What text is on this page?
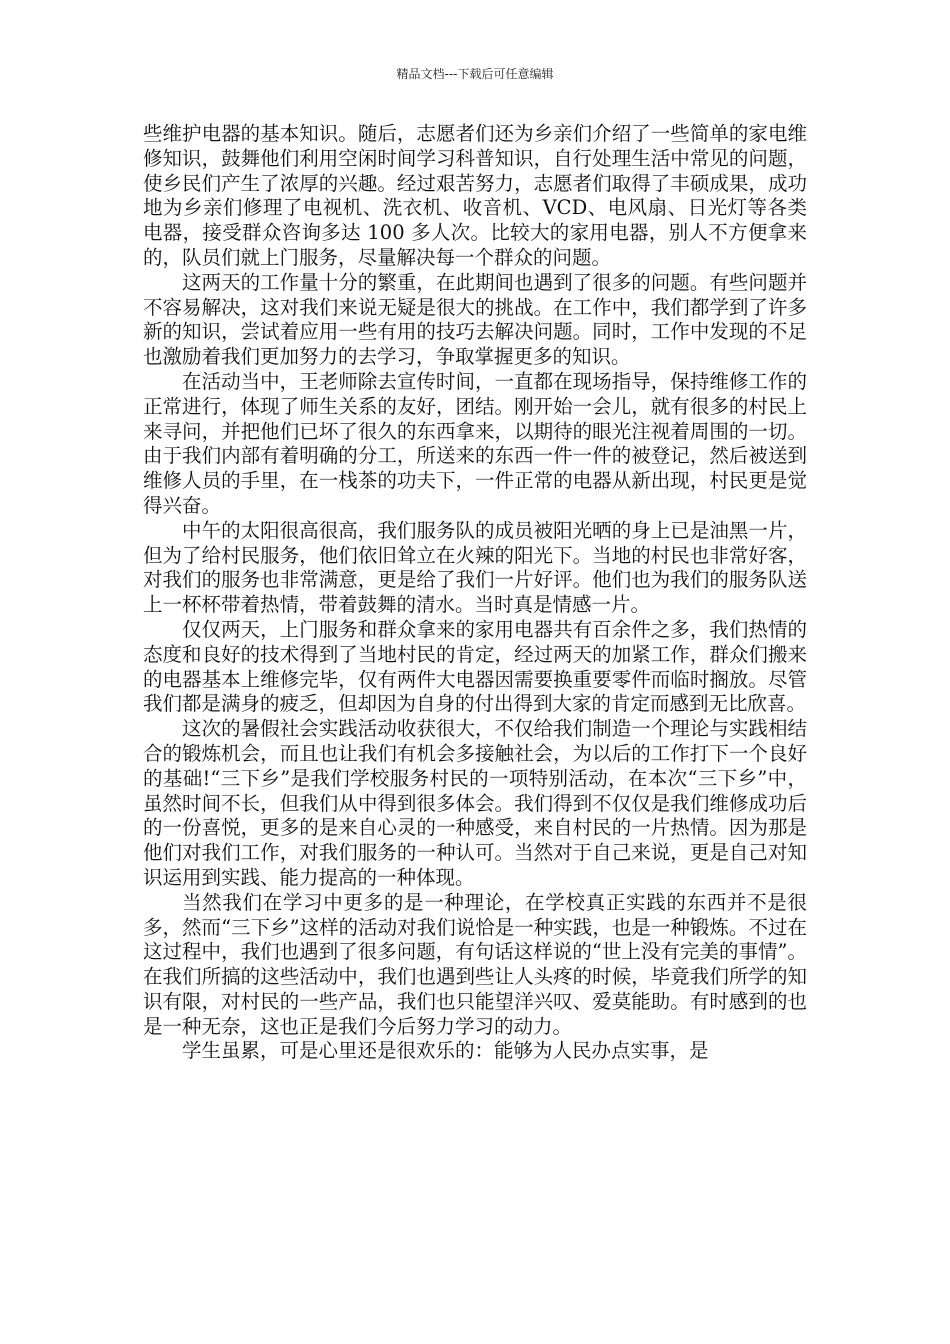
精品文档---下载后可任意编辑

些维护电器的基本知识。随后，志愿者们还为乡亲们介绍了一些简单的家电维修知识，鼓舞他们利用空闲时间学习科普知识，自行处理生活中常见的问题，使乡民们产生了浓厚的兴趣。经过艰苦努力，志愿者们取得了丰硕成果，成功地为乡亲们修理了电视机、洗衣机、收音机、VCD、电风扇、日光灯等各类电器，接受群众咨询多达 100 多人次。比较大的家用电器，别人不方便拿来的，队员们就上门服务，尽量解决每一个群众的问题。

这两天的工作量十分的繁重，在此期间也遇到了很多的问题。有些问题并不容易解决，这对我们来说无疑是很大的挑战。在工作中，我们都学到了许多新的知识，尝试着应用一些有用的技巧去解决问题。同时，工作中发现的不足也激励着我们更加努力的去学习，争取掌握更多的知识。

在活动当中，王老师除去宣传时间，一直都在现场指导，保持维修工作的正常进行，体现了师生关系的友好，团结。刚开始一会儿，就有很多的村民上来寻问，并把他们已坏了很久的东西拿来，以期待的眼光注视着周围的一切。由于我们内部有着明确的分工，所送来的东西一件一件的被登记，然后被送到维修人员的手里，在一栈茶的功夫下，一件正常的电器从新出现，村民更是觉得兴奋。

中午的太阳很高很高，我们服务队的成员被阳光晒的身上已是油黑一片，但为了给村民服务，他们依旧耸立在火辣的阳光下。当地的村民也非常好客，对我们的服务也非常满意，更是给了我们一片好评。他们也为我们的服务队送上一杯杯带着热情，带着鼓舞的清水。当时真是情感一片。

仅仅两天，上门服务和群众拿来的家用电器共有百余件之多，我们热情的态度和良好的技术得到了当地村民的肯定，经过两天的加紧工作，群众们搬来的电器基本上维修完毕，仅有两件大电器因需要换重要零件而临时搁放。尽管我们都是满身的疲乏，但却因为自身的付出得到大家的肯定而感到无比欣喜。

这次的暑假社会实践活动收获很大，不仅给我们制造一个理论与实践相结合的锻炼机会，而且也让我们有机会多接触社会，为以后的工作打下一个良好的基础!“三下乡”是我们学校服务村民的一项特别活动，在本次“三下乡”中，虽然时间不长，但我们从中得到很多体会。我们得到不仅仅是我们维修成功后的一份喜悦，更多的是来自心灵的一种感受，来自村民的一片热情。因为那是他们对我们工作，对我们服务的一种认可。当然对于自己来说，更是自己对知识运用到实践、能力提高的一种体现。

当然我们在学习中更多的是一种理论，在学校真正实践的东西并不是很多，然而“三下乡”这样的活动对我们说恰是一种实践，也是一种锻炼。不过在这过程中，我们也遇到了很多问题，有句话这样说的“世上没有完美的事情”。在我们所搞的这些活动中，我们也遇到些让人头疼的时候，毕竟我们所学的知识有限，对村民的一些产品，我们也只能望洋兴叹、爱莫能助。有时感到的也是一种无奈，这也正是我们今后努力学习的动力。

学生虽累，可是心里还是很欢乐的：能够为人民办点实事，是
